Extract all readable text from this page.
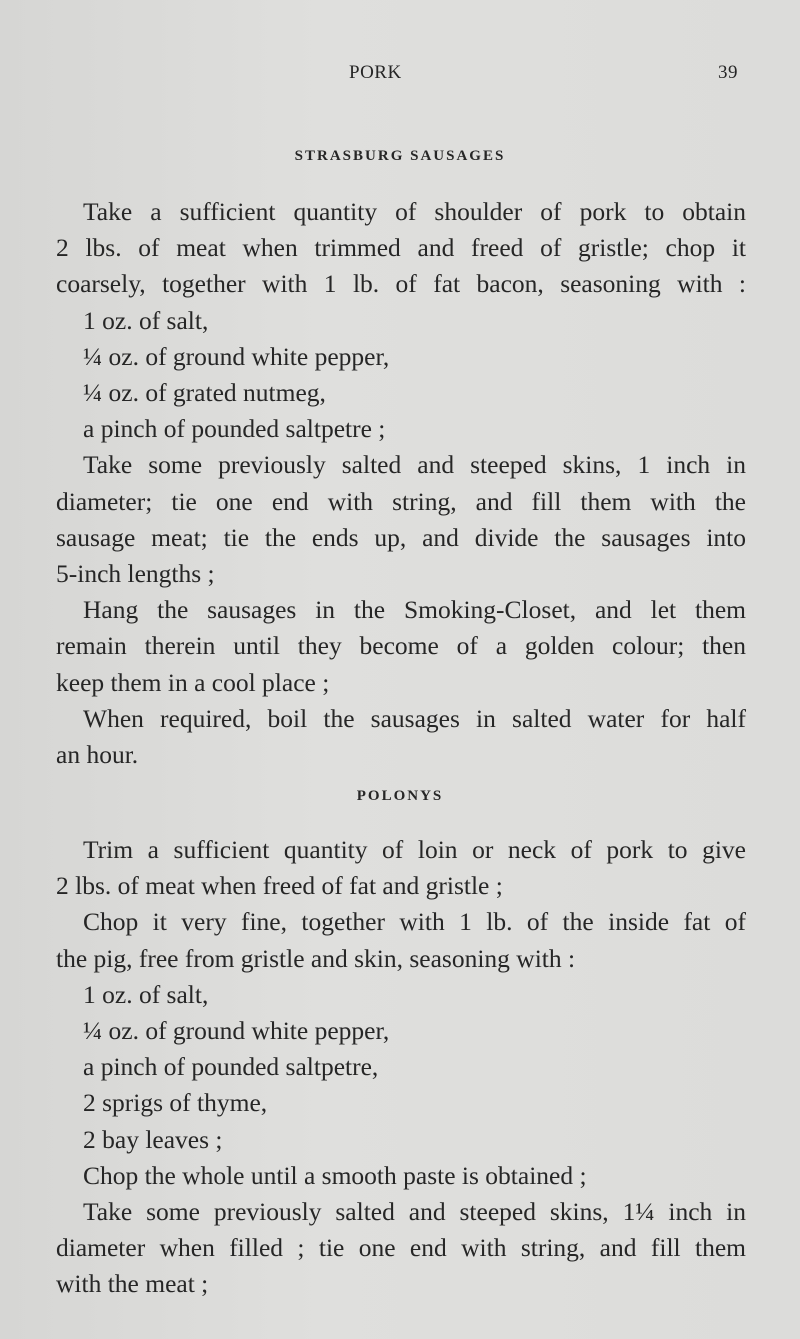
PORK	39
STRASBURG SAUSAGES
Take a sufficient quantity of shoulder of pork to obtain
2 lbs. of meat when trimmed and freed of gristle; chop it
coarsely, together with 1 lb. of fat bacon, seasoning with :
1 oz. of salt,
¼ oz. of ground white pepper,
¼ oz. of grated nutmeg,
a pinch of pounded saltpetre ;
Take some previously salted and steeped skins, 1 inch in
diameter; tie one end with string, and fill them with the
sausage meat; tie the ends up, and divide the sausages into
5-inch lengths ;
Hang the sausages in the Smoking-Closet, and let them
remain therein until they become of a golden colour; then
keep them in a cool place ;
When required, boil the sausages in salted water for half
an hour.
POLONYS
Trim a sufficient quantity of loin or neck of pork to give
2 lbs. of meat when freed of fat and gristle ;
Chop it very fine, together with 1 lb. of the inside fat of
the pig, free from gristle and skin, seasoning with :
1 oz. of salt,
¼ oz. of ground white pepper,
a pinch of pounded saltpetre,
2 sprigs of thyme,
2 bay leaves ;
Chop the whole until a smooth paste is obtained ;
Take some previously salted and steeped skins, 1¼ inch in
diameter when filled ; tie one end with string, and fill them
with the meat ;
